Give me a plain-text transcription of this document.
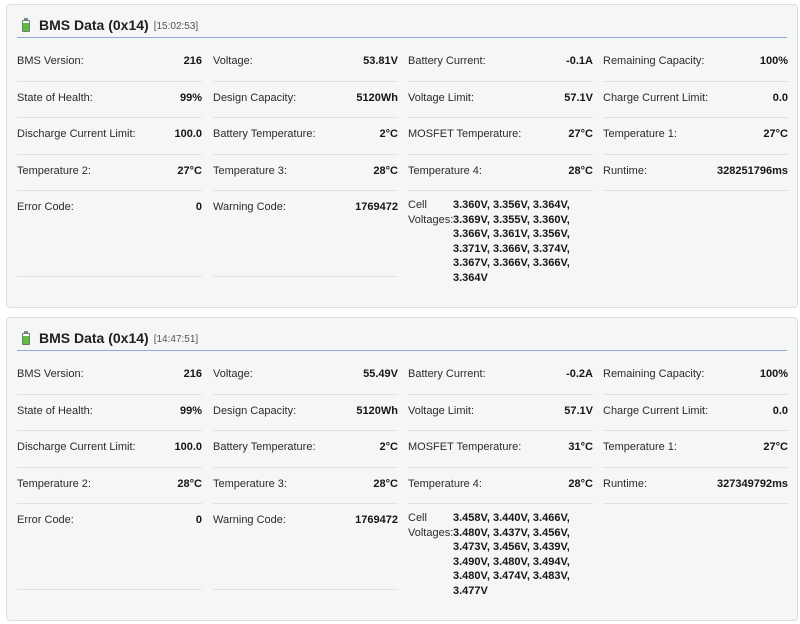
BMS Data (0x14) [15:02:53]
BMS Version:	216 Voltage:	53.81V Battery Current:	-0.1A Remaining Capacity:	100%
State of Health:	99% Design Capacity:	5120Wh Voltage Limit:	57.1V Charge Current Limit:	0.0
Discharge Current Limit:	100.0 Battery Temperature:	2°C MOSFET Temperature:	27°C Temperature 1:	27°C
Temperature 2:	27°C Temperature 3:	28°C Temperature 4:	28°C Runtime:	328251796ms
Error Code:	0 Warning Code:	1769472 Cell Voltages:
3.360V, 3.356V, 3.364V, 3.369V, 3.355V, 3.360V, 3.366V, 3.361V, 3.356V, 3.371V, 3.366V, 3.374V, 3.367V, 3.366V, 3.366V, 3.364V
BMS Data (0x14) [14:47:51]
BMS Version:	216 Voltage:	55.49V Battery Current:	-0.2A Remaining Capacity:	100%
State of Health:	99% Design Capacity:	5120Wh Voltage Limit:	57.1V Charge Current Limit:	0.0
Discharge Current Limit:	100.0 Battery Temperature:	2°C MOSFET Temperature:	31°C Temperature 1:	27°C
Temperature 2:	28°C Temperature 3:	28°C Temperature 4:	28°C Runtime:	327349792ms
Error Code:	0 Warning Code:	1769472 Cell Voltages:
3.458V, 3.440V, 3.466V, 3.480V, 3.437V, 3.456V, 3.473V, 3.456V, 3.439V, 3.490V, 3.480V, 3.494V, 3.480V, 3.474V, 3.483V, 3.477V
